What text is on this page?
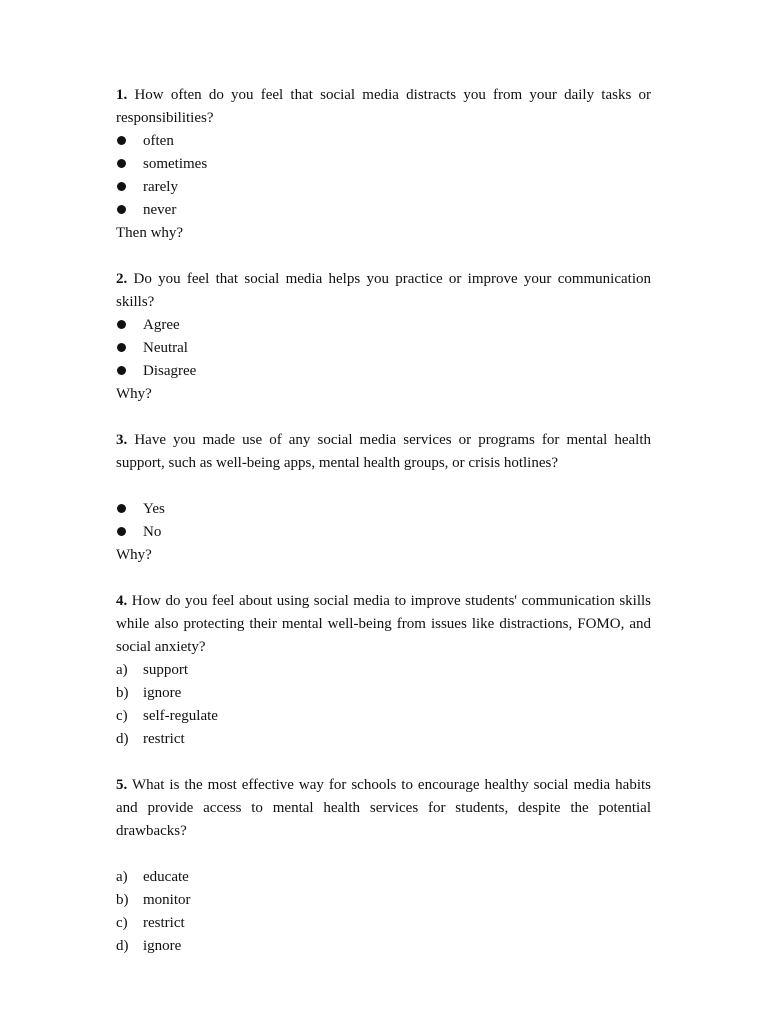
1. How often do you feel that social media distracts you from your daily tasks or responsibilities?
often
sometimes
rarely
never
Then why?
2. Do you feel that social media helps you practice or improve your communication skills?
Agree
Neutral
Disagree
Why?
3. Have you made use of any social media services or programs for mental health support, such as well-being apps, mental health groups, or crisis hotlines?
Yes
No
Why?
4. How do you feel about using social media to improve students' communication skills while also protecting their mental well-being from issues like distractions, FOMO, and social anxiety?
a)	support
b) ignore
c)	self-regulate
d) restrict
5. What is the most effective way for schools to encourage healthy social media habits and provide access to mental health services for students, despite the potential drawbacks?
a)	educate
b) monitor
c)	restrict
d) ignore
